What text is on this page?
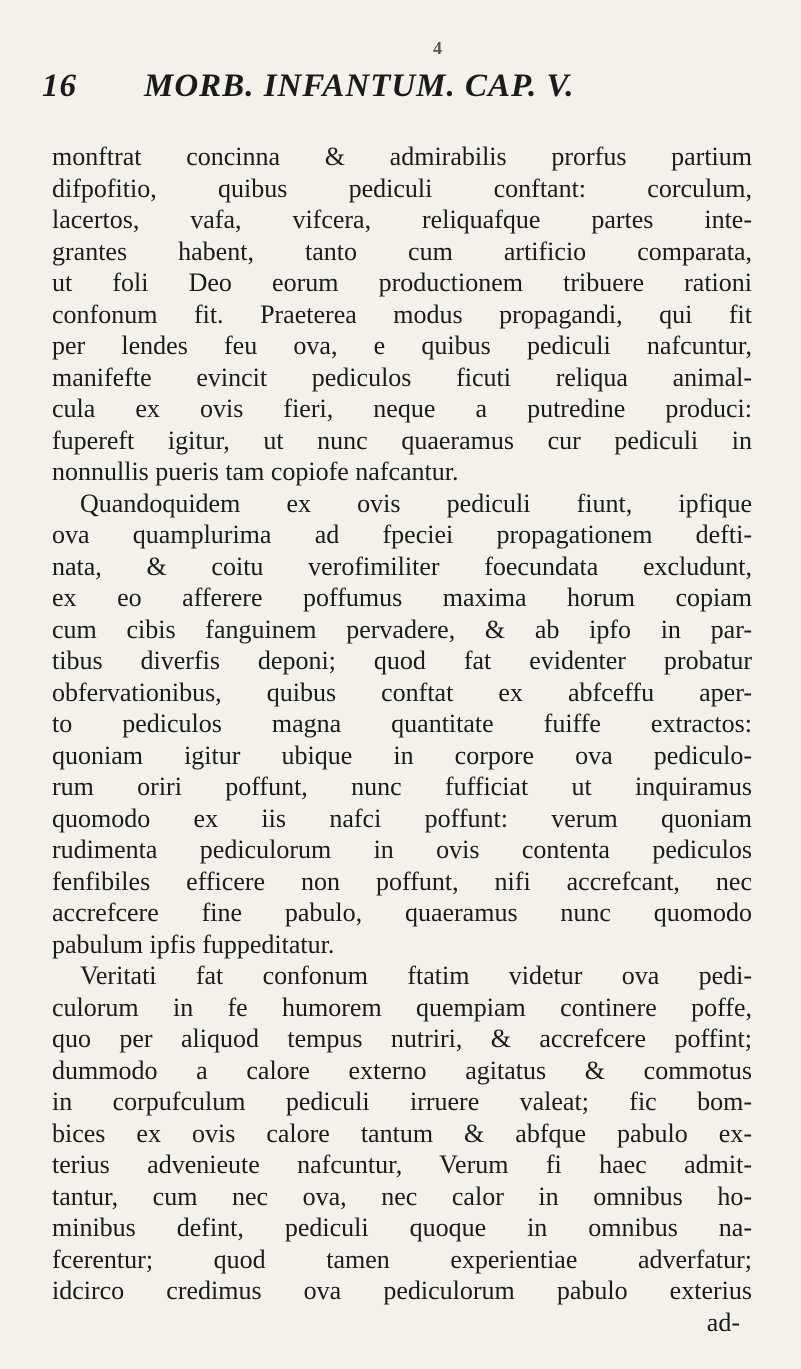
4
16 MORB. INFANTUM. CAP. V.
monftrat concinna & admirabilis prorfus partium
difpofitio, quibus pediculi conftant: corculum,
lacertos, vafa, vifcera, reliquafque partes inte-
grantes habent, tanto cum artificio comparata,
ut foli Deo eorum productionem tribuere rationi
confonum fit. Praeterea modus propagandi, qui fit
per lendes feu ova, e quibus pediculi nafcuntur,
manifefte evincit pediculos ficuti reliqua animal-
cula ex ovis fieri, neque a putredine produci:
fupereft igitur, ut nunc quaeramus cur pediculi in
nonnullis pueris tam copiofe nafcantur.
Quandoquidem ex ovis pediculi fiunt, ipfique
ova quamplurima ad fpeciei propagationem defti-
nata, & coitu verofimiliter foecundata excludunt,
ex eo afferere poffumus maxima horum copiam
cum cibis fanguinem pervadere, & ab ipfo in par-
tibus diverfis deponi; quod fat evidenter probatur
obfervationibus, quibus conftat ex abfceffu aper-
to pediculos magna quantitate fuiffe extractos:
quoniam igitur ubique in corpore ova pediculo-
rum oriri poffunt, nunc fufficiat ut inquiramus
quomodo ex iis nafci poffunt: verum quoniam
rudimenta pediculorum in ovis contenta pediculos
fenfibiles efficere non poffunt, nifi accrefcant, nec
accrefcere fine pabulo, quaeramus nunc quomodo
pabulum ipfis fuppeditatur.
Veritati fat confonum ftatim videtur ova pedi-
culorum in fe humorem quempiam continere poffe,
quo per aliquod tempus nutriri, & accrefcere poffint;
dummodo a calore externo agitatus & commotus
in corpufculum pediculi irruere valeat; fic bom-
bices ex ovis calore tantum & abfque pabulo ex-
terius advenieute nafcuntur, Verum fi haec admit-
tantur, cum nec ova, nec calor in omnibus ho-
minibus defint, pediculi quoque in omnibus na-
fcerentur; quod tamen experientiae adverfatur;
idcirco credimus ova pediculorum pabulo exterius
ad-
